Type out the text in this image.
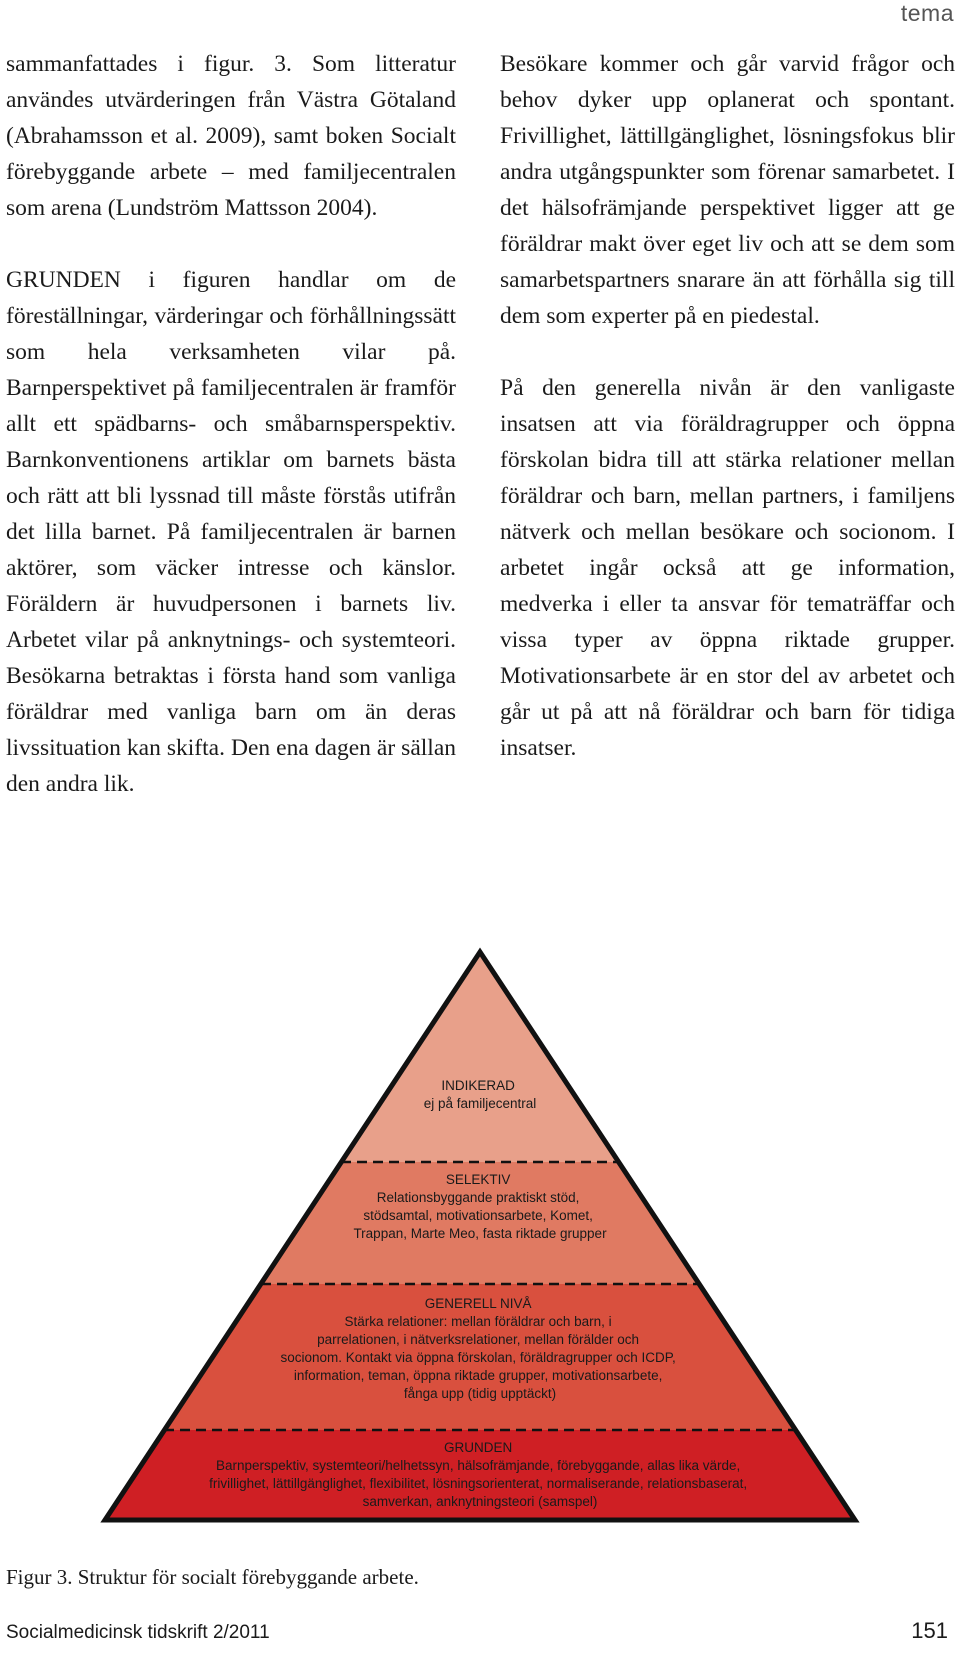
tema

sammanfattades i figur. 3. Som litteratur användes utvärderingen från Västra Götaland (Abrahamsson et al. 2009), samt boken Socialt förebyggande arbete – med familjecentralen som arena (Lundström Mattsson 2004).

GRUNDEN i figuren handlar om de föreställningar, värderingar och förhållningssätt som hela verksamheten vilar på. Barnperspektivet på familjecentralen är framför allt ett spädbarns- och småbarnsperspektiv. Barnkonventionens artiklar om barnets bästa och rätt att bli lyssnad till måste förstås utifrån det lilla barnet. På familjecentralen är barnen aktörer, som väcker intresse och känslor. Föräldern är huvudpersonen i barnets liv. Arbetet vilar på anknytnings- och systemteori. Besökarna betraktas i första hand som vanliga föräldrar med vanliga barn om än deras livssituation kan skifta. Den ena dagen är sällan den andra lik.

Besökare kommer och går varvid frågor och behov dyker upp oplanerat och spontant. Frivillighet, lättillgänglighet, lösningsfokus blir andra utgångspunkter som förenar samarbetet. I det hälsofrämjande perspektivet ligger att ge föräldrar makt över eget liv och att se dem som samarbetspartners snarare än att förhålla sig till dem som experter på en piedestal.

På den generella nivån är den vanligaste insatsen att via föräldragrupper och öppna förskolan bidra till att stärka relationer mellan föräldrar och barn, mellan partners, i familjens nätverk och mellan besökare och socionom. I arbetet ingår också att ge information, medverka i eller ta ansvar för tematräffar och vissa typer av öppna riktade grupper. Motivationsarbete är en stor del av arbetet och går ut på att nå föräldrar och barn för tidiga insatser.

INDIKERAD ej på familjecentral
SELEKTIV Relationsbyggande praktiskt stöd, stödsamtal, motivationsarbete, Komet, Trappan, Marte Meo, fasta riktade grupper
GENERELL NIVÅ Stärka relationer: mellan föräldrar och barn, i parrelationen, i nätverksrelationer, mellan förälder och socionom. Kontakt via öppna förskolan, föräldragrupper och ICDP, information, teman, öppna riktade grupper, motivationsarbete, fånga upp (tidig upptäckt)
GRUNDEN Barnperspektiv, systemteori/helhetssyn, hälsofrämjande, förebyggande, allas lika värde, frivillighet, lättillgänglighet, flexibilitet, lösningsorienterat, normaliserande, relationsbaserat, samverkan, anknytningsteori (samspel)
Figur 3. Struktur för socialt förebyggande arbete.
Socialmedicinsk tidskrift 2/2011	151
